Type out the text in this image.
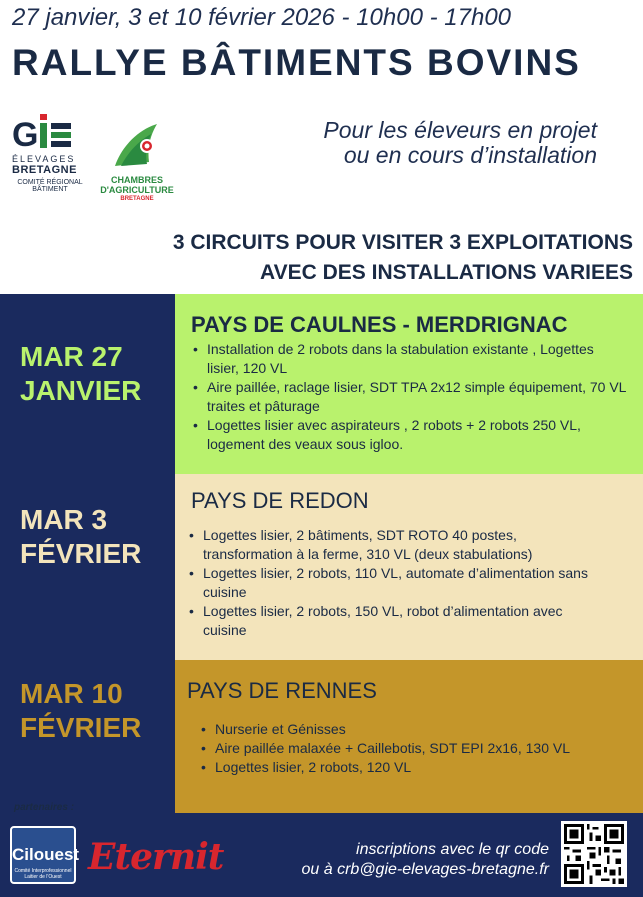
27 janvier, 3 et 10 février 2026 - 10h00 - 17h00
RALLYE BÂTIMENTS BOVINS
G
ÉLEVAGES
BRETAGNE
COMITÉ RÉGIONAL
BÂTIMENT
CHAMBRES
D'AGRICULTURE
BRETAGNE
Pour les éleveurs en projet
ou en cours d’installation
3 CIRCUITS POUR VISITER 3 EXPLOITATIONS
AVEC DES INSTALLATIONS VARIEES
MAR 27
JANVIER
MAR 3
FÉVRIER
MAR 10
FÉVRIER
PAYS DE CAULNES - MERDRIGNAC
• Installation de 2 robots dans la stabulation existante , Logettes lisier, 120 VL
• Aire paillée, raclage lisier, SDT TPA 2x12 simple équipement, 70 VL traites et pâturage
• Logettes lisier avec aspirateurs , 2 robots + 2 robots 250 VL, logement des veaux sous igloo.
PAYS DE REDON
• Logettes lisier, 2 bâtiments, SDT ROTO 40 postes, transformation à la ferme, 310 VL (deux stabulations)
• Logettes lisier, 2 robots, 110 VL, automate d’alimentation sans cuisine
• Logettes lisier, 2 robots, 150 VL, robot d’alimentation avec cuisine
PAYS DE RENNES
• Nurserie et Génisses
• Aire paillée malaxée + Caillebotis, SDT EPI 2x16, 130 VL
• Logettes lisier, 2 robots, 120 VL
partenaires :
Cilouest
Comité Interprofessionnel Laitier de l'Ouest Eternit	inscriptions avec le qr code
ou à crb@gie-elevages-bretagne.fr
